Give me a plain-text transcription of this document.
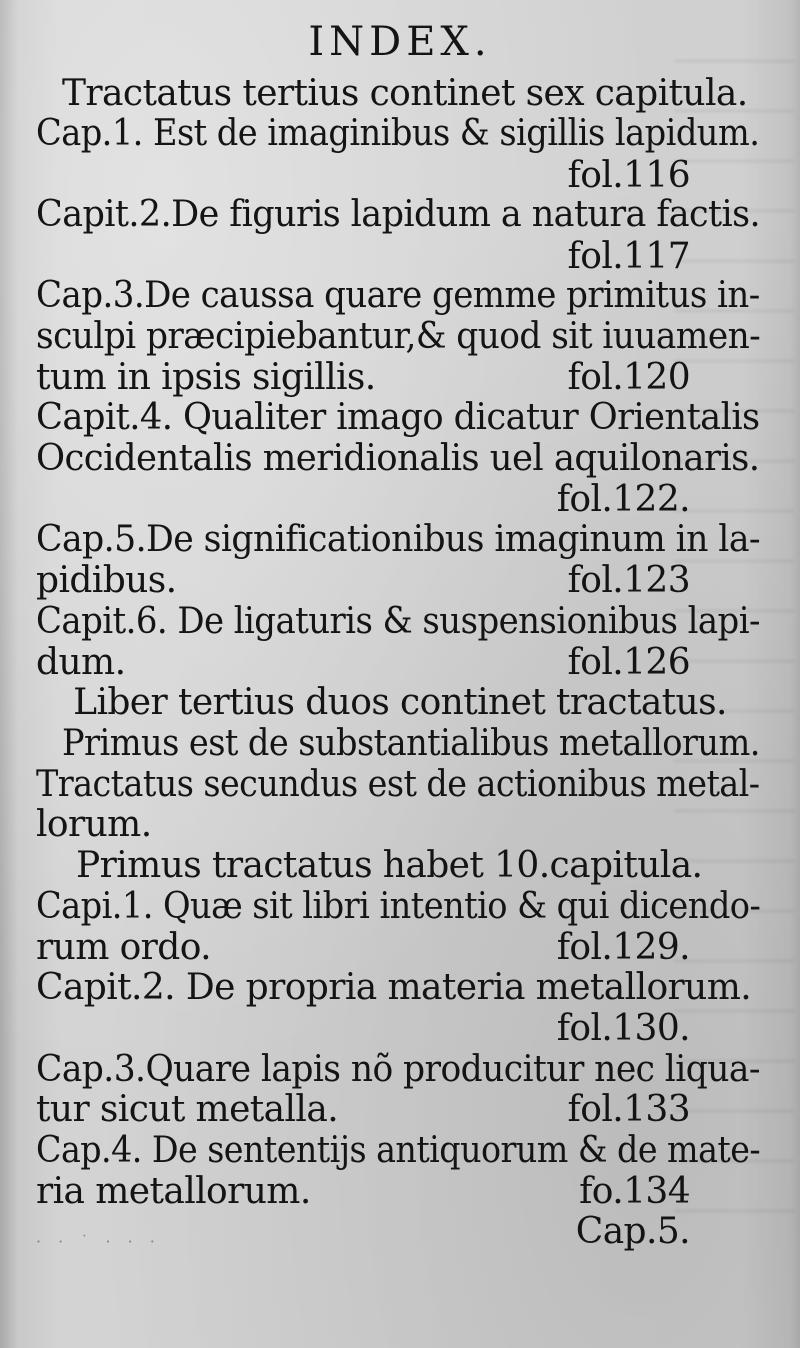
INDEX.
Tractatus tertius continet sex capitula.
Cap.1. Est de imaginibus & sigillis lapidum.
fol.116
Capit.2.De figuris lapidum a natura factis.
fol.117
Cap.3.De caussa quare gemme primitus in-
sculpi præcipiebantur,& quod sit iuuamen-
tum in ipsis sigillis.	fol.120
Capit.4. Qualiter imago dicatur Orientalis
Occidentalis meridionalis uel aquilonaris.
fol.122.
Cap.5.De significationibus imaginum in la-
pidibus.	fol.123
Capit.6. De ligaturis & suspensionibus lapi-
dum.	fol.126
Liber tertius duos continet tractatus.
Primus est de substantialibus metallorum.
Tractatus secundus est de actionibus metal-
lorum.
Primus tractatus habet 10.capitula.
Capi.1. Quæ sit libri intentio & qui dicendo-
rum ordo.	fol.129.
Capit.2. De propria materia metallorum.
fol.130.
Cap.3.Quare lapis nõ producitur nec liqua-
tur sicut metalla.	fol.133
Cap.4. De sententijs antiquorum & de mate-
ria metallorum.	fo.134
Cap.5.
· · ˙ · · ·
